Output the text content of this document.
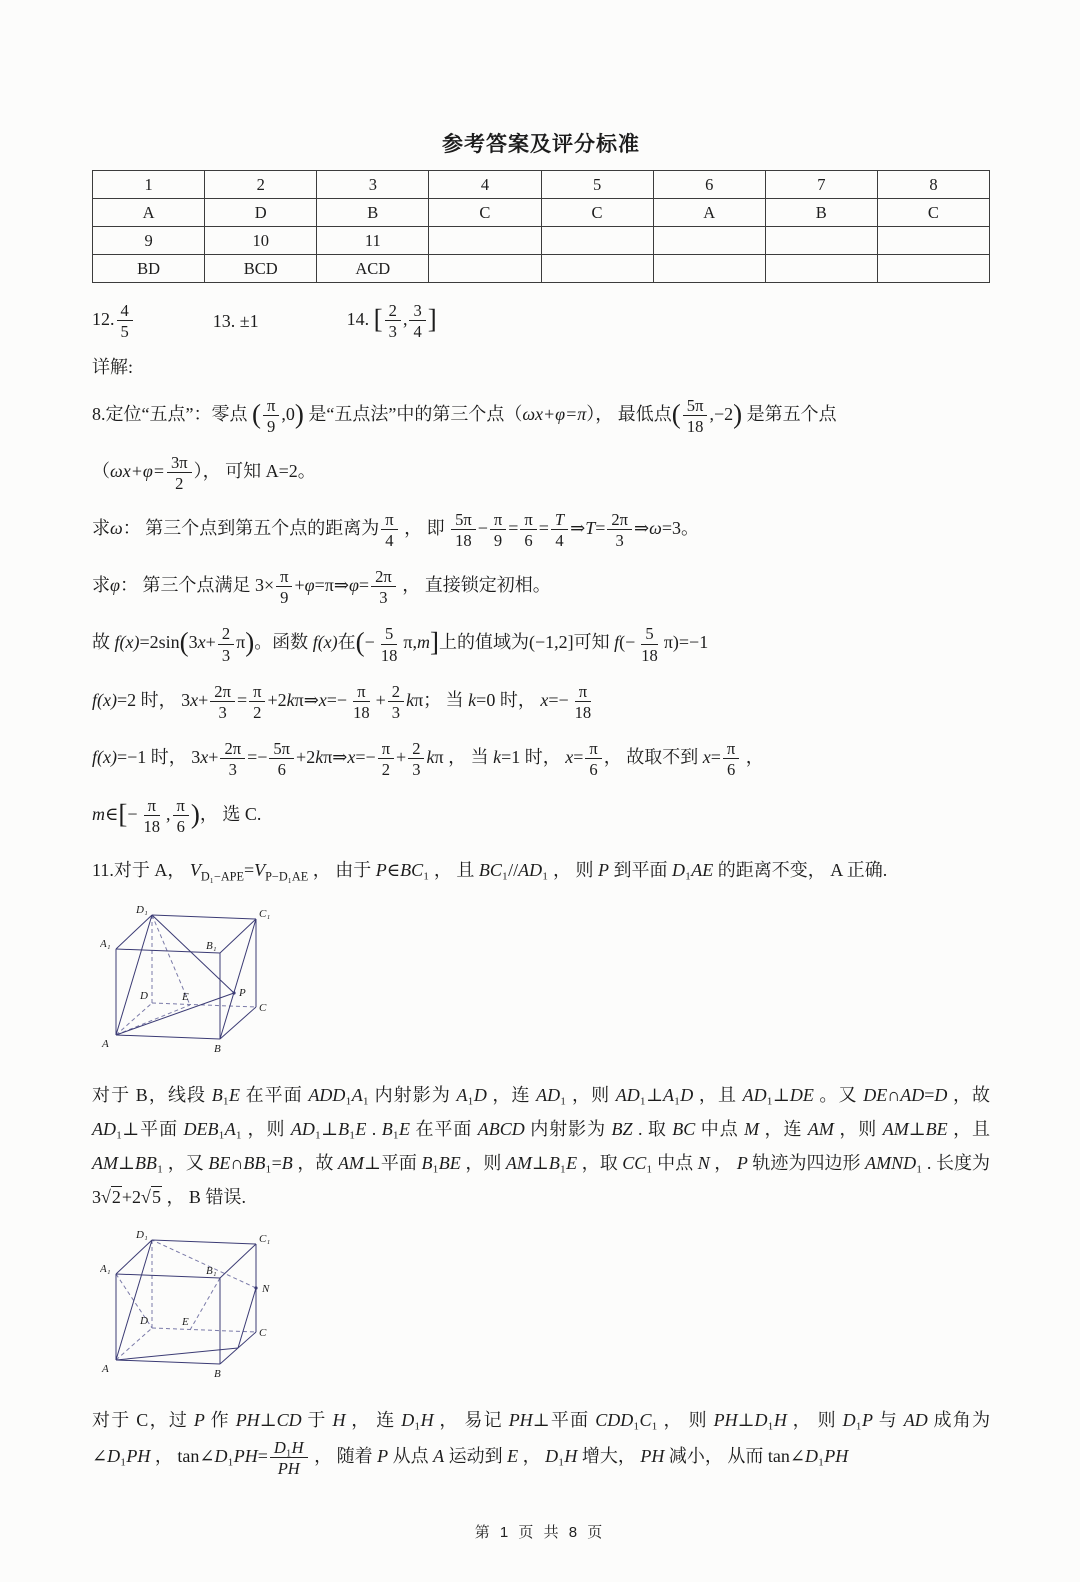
参考答案及评分标准
1	2	3	4	5	6	7	8
A	D	B	C	C	A	B	C
9	10	11					
BD	BCD	ACD					
12. $\frac{4}{5}$	13. ±1	14. [ $\frac{2}{3}$ , $\frac{3}{4}$ ]
详解:
8.定位“五点”：零点 ( $\frac{\pi}{9} ,0$) 是“五点法”中的第三个点（ωx+φ=π）， 最低点( $\frac{5\pi}{18} ,-2$) 是第五个点
（$\omega x+\varphi= \frac{3\pi}{2}$ ）， 可知 A=2。
求ω： 第三个点到第五个点的距离为 $\frac{\pi}{4}$ ， 即 $\frac{5\pi}{18} - \frac{\pi}{9} = \frac{\pi}{6} = \frac{T}{4}$ ⇒T= $\frac{2\pi}{3}$ ⇒ω=3。
求φ： 第三个点满足 $3\times \frac{\pi}{9}$ +φ=π⇒φ= $\frac{2\pi}{3}$ ， 直接锁定初相。
故 $f(x)=2\sin(3x+ \frac{2}{3} \pi)$。函数 f(x)在(− $\frac{5}{18} \pi,m$]上的值域为(−1,2]可知 $f(- \frac{5}{18} \pi)=-1$
f(x)=2 时， $3x+ \frac{2\pi}{3} = \frac{\pi}{2}$ +2kπ⇒x=− $\frac{\pi}{18} + \frac{2}{3}$ kπ； 当 k=0 时， $x=- \frac{\pi}{18}$
f(x)=−1 时， $3x+ \frac{2\pi}{3} =- \frac{5\pi}{6}$ +2kπ⇒x=− $\frac{\pi}{2} + \frac{2}{3}$ kπ ， 当 k=1 时， $x= \frac{\pi}{6}$ ， 故取不到 $x= \frac{\pi}{6}$ ，
m∈[− $\frac{\pi}{18}$ , $\frac{\pi}{6}$ )， 选 C.
11.对于 A， $V_{D_1-APE}=V_{P-D_1AE}$ ， 由于 P∈BC₁ ， 且 BC₁//AD₁ ， 则 P 到平面 D₁AE 的距离不变， A 正确.
D₁	C₁
A₁	B₁
P
D	E
C
A	B
对于 B，线段 B₁E 在平面 ADD₁A₁ 内射影为 A₁D ，连 AD₁ ，则 AD₁⊥A₁D ，且 AD₁⊥DE 。又 DE∩AD=D ，故 AD₁⊥平面 DEB₁A₁ ，则 AD₁⊥B₁E . B₁E 在平面 ABCD 内射影为 BZ . 取 BC 中点 M ，连 AM ，则 AM⊥BE ，且 AM⊥BB₁ ，又 BE∩BB₁=B ，故 AM⊥平面 B₁BE ，则 AM⊥B₁E ，取 CC₁ 中点 N ， P 轨迹为四边形 AMND₁ . 长度为 3√2+2√5 ， B 错误.
D₁	C₁
A₁	B₁
N
D	E
C
A	B
对于 C，过 P 作 PH⊥CD 于 H ， 连 D₁H ， 易记 PH⊥平面 CDD₁C₁ ， 则 PH⊥D₁H ， 则 D₁P 与 AD 成角为 ∠D₁PH ， tan∠D₁PH= $\frac{\text{D₁H}}{PH}$ ， 随着 P 从点 A 运动到 E ， D₁H 增大， PH 减小， 从而 tan∠D₁PH
第 1 页 共 8 页
